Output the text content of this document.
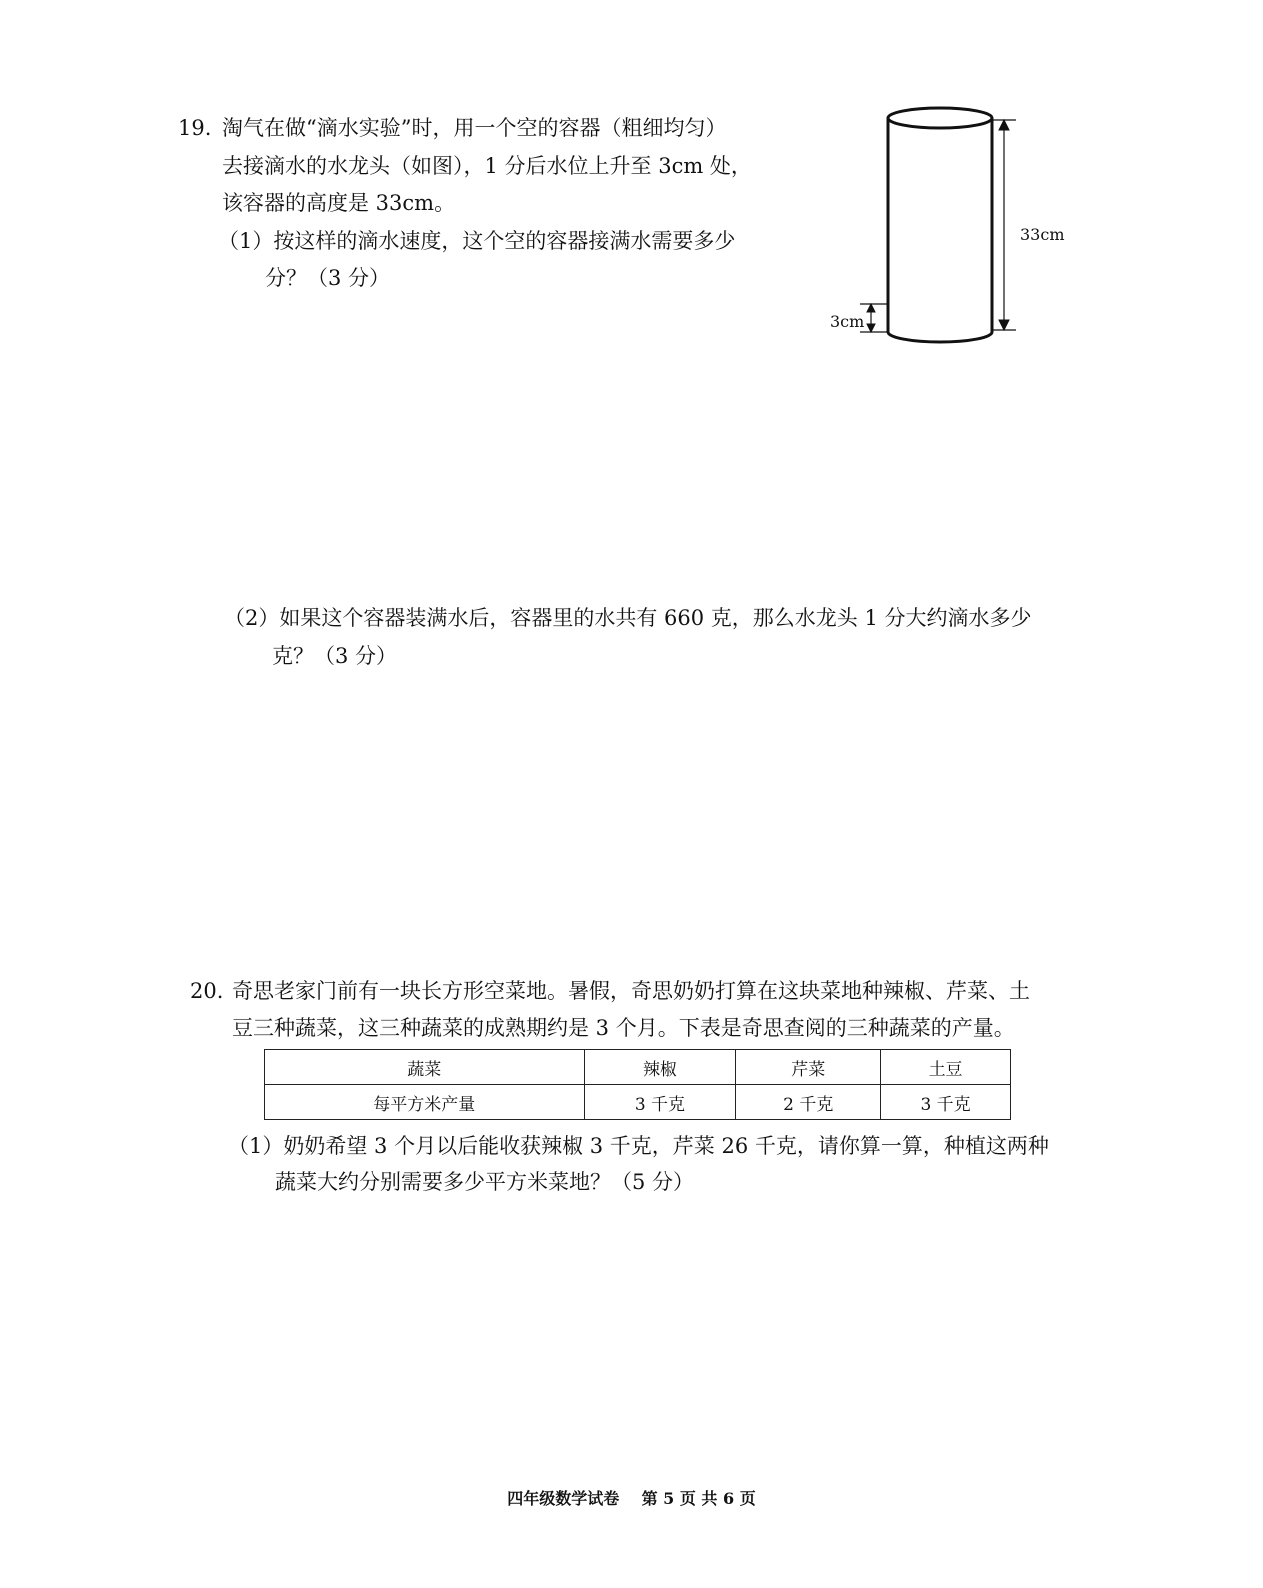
19. 淘气在做“滴水实验”时，用一个空的容器（粗细均匀）
去接滴水的水龙头（如图），1 分后水位上升至 3cm 处，
该容器的高度是 33cm。
（1）按这样的滴水速度，这个空的容器接满水需要多少
分？（3 分）
33cm
3cm
（2）如果这个容器装满水后，容器里的水共有 660 克，那么水龙头 1 分大约滴水多少
克？（3 分）
20. 奇思老家门前有一块长方形空菜地。暑假，奇思奶奶打算在这块菜地种辣椒、芹菜、土
豆三种蔬菜，这三种蔬菜的成熟期约是 3 个月。下表是奇思查阅的三种蔬菜的产量。
蔬菜	辣椒	芹菜	土豆
每平方米产量	3 千克	2 千克	3 千克
（1）奶奶希望 3 个月以后能收获辣椒 3 千克，芹菜 26 千克，请你算一算，种植这两种
蔬菜大约分别需要多少平方米菜地？（5 分）
四年级数学试卷    第 5 页 共 6 页
